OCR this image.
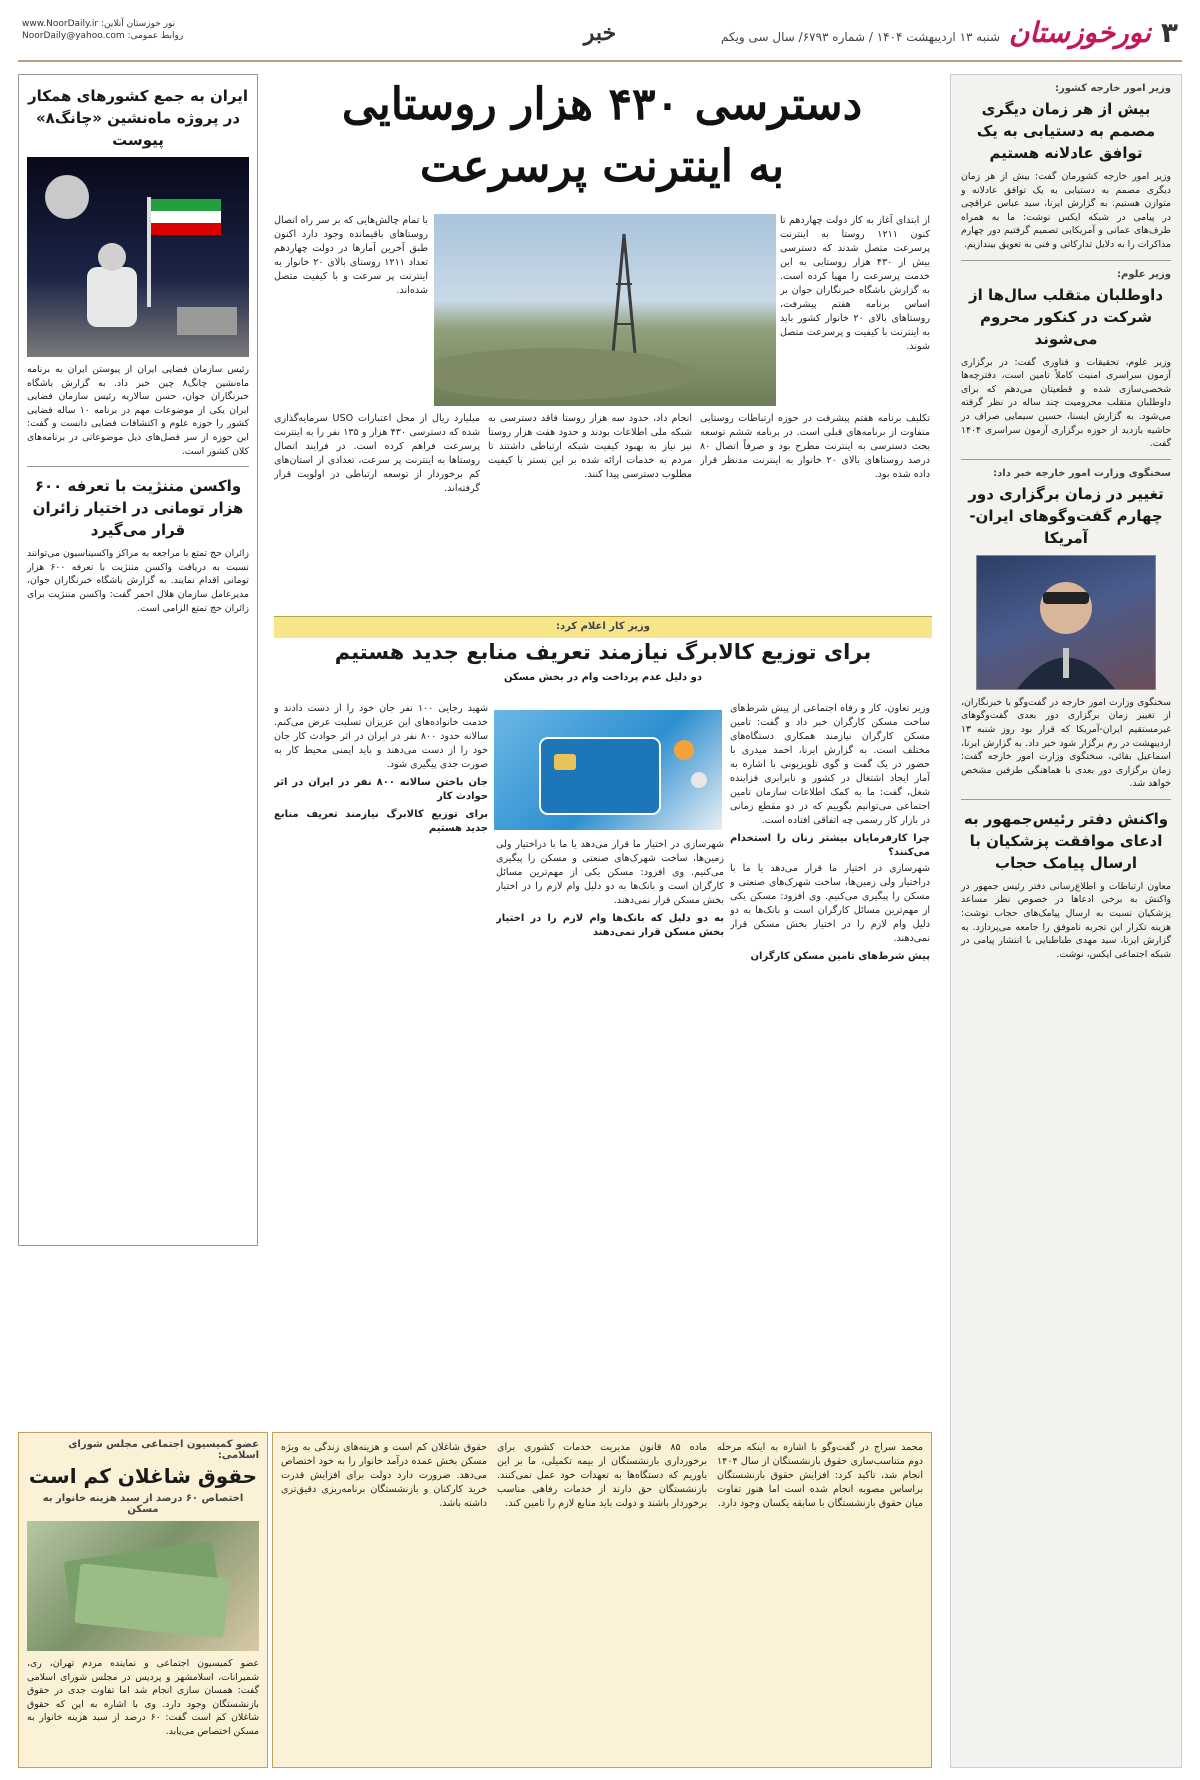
۳
نورخوزستان
شنبه ۱۳ اردیبهشت ۱۴۰۴ / شماره ۶۷۹۳/ سال سی ویکم
خبر
www.NoorDaily.ir :نور خوزستان آنلاین
NoorDaily@yahoo.com :روابط عمومی
وزیر امور خارجه کشور:
بیش از هر زمان دیگری مصمم به دستیابی به یک توافق عادلانه هستیم
وزیر امور خارجه کشورمان گفت: بیش از هر زمان دیگری مصمم به دستیابی به یک توافق عادلانه و متوازن هستیم. به گزارش ایرنا، سید عباس عراقچی در پیامی در شبکه ایکس نوشت: ما به همراه طرف‌های عمانی و آمریکایی تصمیم گرفتیم دور چهارم مذاکرات را به دلایل تدارکاتی و فنی به تعویق بیندازیم.
وزیر علوم:
داوطلبان متقلب سال‌ها از شرکت در کنکور محروم می‌شوند
وزیر علوم، تحقیقات و فناوری گفت: در برگزاری آزمون سراسری امنیت کاملاً تامین است، دفترچه‌ها شخصی‌سازی شده و قطعیتان می‌دهم که برای داوطلبان متقلب محرومیت چند ساله در نظر گرفته می‌شود. به گزارش ایسنا، حسین سیمایی صراف در حاشیه بازدید از حوزه برگزاری آزمون سراسری ۱۴۰۴ گفت.
سخنگوی وزارت امور خارجه خبر داد:
تغییر در زمان برگزاری دور چهارم گفت‌وگوهای ایران-آمریکا
سخنگوی وزارت امور خارجه در گفت‌وگو با خبرنگاران، از تغییر زمان برگزاری دور بعدی گفت‌وگوهای غیرمستقیم ایران-آمریکا که قرار بود روز شنبه ۱۳ اردیبهشت در رم برگزار شود خبر داد. به گزارش ایرنا، اسماعیل بقائی، سخنگوی وزارت امور خارجه گفت: زمان برگزاری دور بعدی با هماهنگی طرفین مشخص خواهد شد.
واکنش دفتر رئیس‌جمهور به ادعای موافقت پزشکیان با ارسال پیامک حجاب
معاون ارتباطات و اطلاع‌رسانی دفتر رئیس جمهور در واکنش به برخی ادعاها در خصوص نظر مساعد پزشکیان نسبت به ارسال پیامک‌های حجاب نوشت: هزینه تکرار این تجربه ناموفق را جامعه می‌پردازد. به گزارش ایرنا، سید مهدی طباطبایی با انتشار پیامی در شبکه اجتماعی ایکس، نوشت.
دسترسی ۴۳۰ هزار روستایی
به اینترنت پرسرعت
از ابتدای آغاز به کار دولت چهاردهم تا کنون ۱۲۱۱ روستا به اینترنت پرسرعت متصل شدند که دسترسی بیش از ۴۳۰ هزار روستایی به این خدمت پرسرعت را مهیا کرده است. به گزارش باشگاه خبرنگاران جوان بر اساس برنامه هفتم پیشرفت، روستاهای بالای ۲۰ خانوار کشور باید به اینترنت با کیفیت و پرسرعت متصل شوند.
با تمام چالش‌هایی که بر سر راه اتصال روستاهای باقیمانده وجود دارد اکنون طبق آخرین آمارها در دولت چهاردهم تعداد ۱۲۱۱ روستای بالای ۲۰ خانوار به اینترنت پر سرعت و با کیفیت متصل شده‌اند.
تکلیف برنامه هفتم پیشرفت در حوزه ارتباطات روستایی متفاوت از برنامه‌های قبلی است. در برنامه ششم توسعه بحث دسترسی به اینترنت مطرح بود و صرفاً اتصال ۸۰ درصد روستاهای بالای ۲۰ خانوار به اینترنت مدنظر قرار داده شده بود.
انجام داد، حدود سه هزار روستا فاقد دسترسی به شبکه ملی اطلاعات بودند و حدود هفت هزار روستا نیز نیاز به بهبود کیفیت شبکه ارتباطی داشتند تا مردم به خدمات ارائه شده بر این بستر با کیفیت مطلوب دسترسی پیدا کنند.
میلیارد ریال از محل اعتبارات USO سرمایه‌گذاری شده که دسترسی ۴۳۰ هزار و ۱۳۵ نفر را به اینترنت پرسرعت فراهم کرده است. در فرایند اتصال روستاها به اینترنت پر سرعت، تعدادی از استان‌های کم برخوردار از توسعه ارتباطی در اولویت قرار گرفته‌اند.
وزیر کار اعلام کرد:
برای توزیع کالابرگ نیازمند تعریف منابع جدید هستیم
دو دلیل عدم پرداخت وام در بخش مسکن

وزیر تعاون، کار و رفاه اجتماعی از پیش شرط‌های ساخت مسکن کارگران خبر داد و گفت: تامین مسکن کارگران نیازمند همکاری دستگاه‌های مختلف است. به گزارش ایرنا، احمد میدری با حضور در یک گفت و گوی تلویزیونی با اشاره به آمار ایجاد اشتغال در کشور و نابرابری فزاینده شغل، گفت: ما به کمک اطلاعات سازمان تامین اجتماعی می‌توانیم بگوییم که در دو مقطع زمانی در بازار کار رسمی چه اتفاقی افتاده است.

چرا کارفرمایان بیشتر زنان را استخدام می‌کنند؟

شهرسازی در اختیار ما قرار می‌دهد یا ما با دراختیار ولی زمین‌ها، ساخت شهرک‌های صنعتی و مسکن را پیگیری می‌کنیم. وی افزود: مسکن یکی از مهم‌ترین مسائل کارگران است و بانک‌ها به دو دلیل وام لازم را در اختیار بخش مسکن قرار نمی‌دهند.

پیش شرط‌های تامین مسکن کارگران

شهرسازی در اختیار ما قرار می‌دهد یا ما با دراختیار ولی زمین‌ها، ساخت شهرک‌های صنعتی و مسکن را پیگیری می‌کنیم. وی افزود: مسکن یکی از مهم‌ترین مسائل کارگران است و بانک‌ها به دو دلیل وام لازم را در اختیار بخش مسکن قرار نمی‌دهند.

به دو دلیل که بانک‌ها وام لازم را در اختیار بخش مسکن قرار نمی‌دهند

شهید رجایی ۱۰۰ نفر جان خود را از دست دادند و خدمت خانواده‌های این عزیزان تسلیت عرض می‌کنم. سالانه حدود ۸۰۰ نفر در ایران در اثر حوادث کار جان خود را از دست می‌دهند و باید ایمنی محیط کار به صورت جدی پیگیری شود.

جان باختن سالانه ۸۰۰ نفر در ایران در اثر حوادث کار
برای توزیع کالابرگ نیازمند تعریف منابع جدید هستیم
ایران به جمع کشورهای همکار در پروژه ماه‌نشین «چانگ۸» پیوست
رئیس سازمان فضایی ایران از پیوستن ایران به برنامه ماه‌نشین چانگ۸ چین خبر داد. به گزارش باشگاه خبرنگاران جوان، حسن سالاریه رئیس سازمان فضایی ایران یکی از موضوعات مهم در برنامه ۱۰ ساله فضایی کشور را حوزه علوم و اکتشافات فضایی دانست و گفت: این حوزه از سر فصل‌های ذیل موضوعاتی در برنامه‌های کلان کشور است.
واکسن مننژیت با تعرفه ۶۰۰ هزار تومانی در اختیار زائران قرار می‌گیرد
زائران حج تمتع با مراجعه به مراکز واکسیناسیون می‌توانند نسبت به دریافت واکسن مننژیت با تعرفه ۶۰۰ هزار تومانی اقدام نمایند. به گزارش باشگاه خبرنگاران جوان، مدیرعامل سازمان هلال احمر گفت: واکسن مننژیت برای زائران حج تمتع الزامی است.
عضو کمیسیون اجتماعی مجلس شورای اسلامی:
حقوق شاغلان کم است
اختصاص ۶۰ درصد از سبد هزینه خانوار به مسکن
عضو کمیسیون اجتماعی و نماینده مردم تهران، ری، شمیرانات، اسلامشهر و پردیس در مجلس شورای اسلامی گفت: همسان سازی انجام شد اما تفاوت جدی در حقوق بازنشستگان وجود دارد. وی با اشاره به این که حقوق شاغلان کم است گفت: ۶۰ درصد از سبد هزینه خانوار به مسکن اختصاص می‌یابد.
محمد سراج در گفت‌وگو با اشاره به اینکه مرحله دوم متناسب‌سازی حقوق بازنشستگان از سال ۱۴۰۴ انجام شد، تاکید کرد: افزایش حقوق بازنشستگان براساس مصوبه انجام شده است اما هنوز تفاوت میان حقوق بازنشستگان با سابقه یکسان وجود دارد.
ماده ۸۵ قانون مدیریت خدمات کشوری برای برخورداری بازنشستگان از بیمه تکمیلی، ما بر این باوریم که دستگاه‌ها به تعهدات خود عمل نمی‌کنند. بازنشستگان حق دارند از خدمات رفاهی مناسب برخوردار باشند و دولت باید منابع لازم را تامین کند.
حقوق شاغلان کم است و هزینه‌های زندگی به ویژه مسکن بخش عمده درآمد خانوار را به خود اختصاص می‌دهد. ضرورت دارد دولت برای افزایش قدرت خرید کارکنان و بازنشستگان برنامه‌ریزی دقیق‌تری داشته باشد.
